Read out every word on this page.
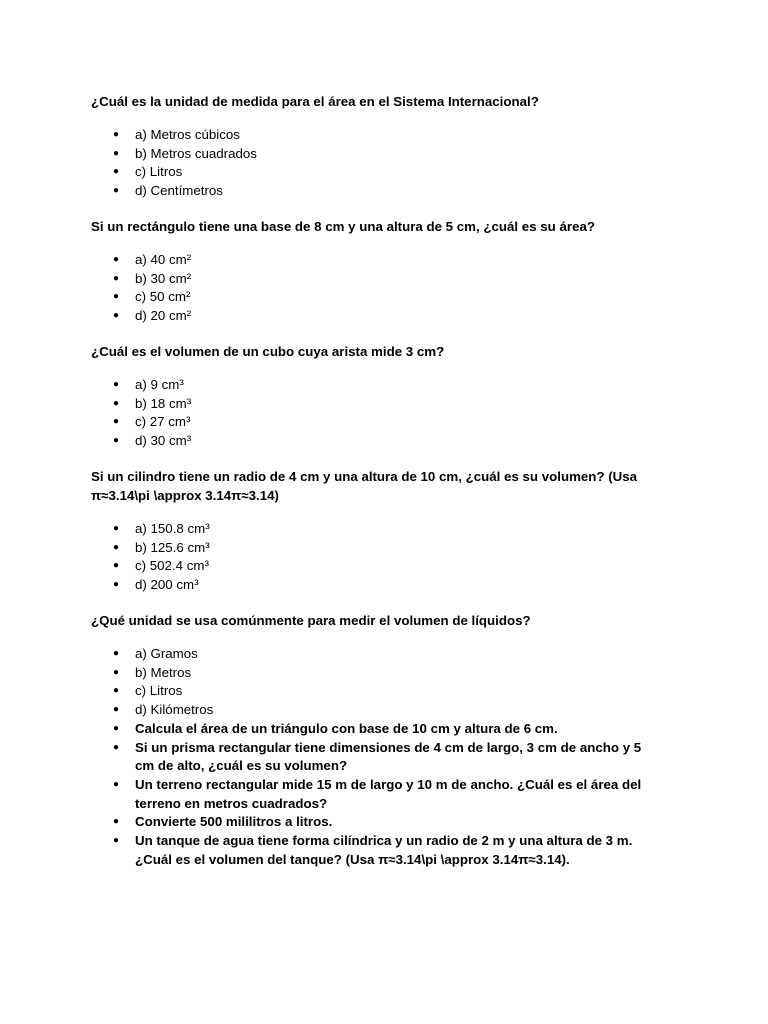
¿Cuál es la unidad de medida para el área en el Sistema Internacional?
● a) Metros cúbicos
● b) Metros cuadrados
● c) Litros
● d) Centímetros
Si un rectángulo tiene una base de 8 cm y una altura de 5 cm, ¿cuál es su área?
● a) 40 cm²
● b) 30 cm²
● c) 50 cm²
● d) 20 cm²
¿Cuál es el volumen de un cubo cuya arista mide 3 cm?
● a) 9 cm³
● b) 18 cm³
● c) 27 cm³
● d) 30 cm³
Si un cilindro tiene un radio de 4 cm y una altura de 10 cm, ¿cuál es su volumen? (Usa
π≈3.14\pi \approx 3.14π≈3.14)
● a) 150.8 cm³
● b) 125.6 cm³
● c) 502.4 cm³
● d) 200 cm³
¿Qué unidad se usa comúnmente para medir el volumen de líquidos?
● a) Gramos
● b) Metros
● c) Litros
● d) Kilómetros
● Calcula el área de un triángulo con base de 10 cm y altura de 6 cm.
● Si un prisma rectangular tiene dimensiones de 4 cm de largo, 3 cm de ancho y 5
cm de alto, ¿cuál es su volumen?
● Un terreno rectangular mide 15 m de largo y 10 m de ancho. ¿Cuál es el área del
terreno en metros cuadrados?
● Convierte 500 mililitros a litros.
● Un tanque de agua tiene forma cilíndrica y un radio de 2 m y una altura de 3 m.
¿Cuál es el volumen del tanque? (Usa π≈3.14\pi \approx 3.14π≈3.14).
